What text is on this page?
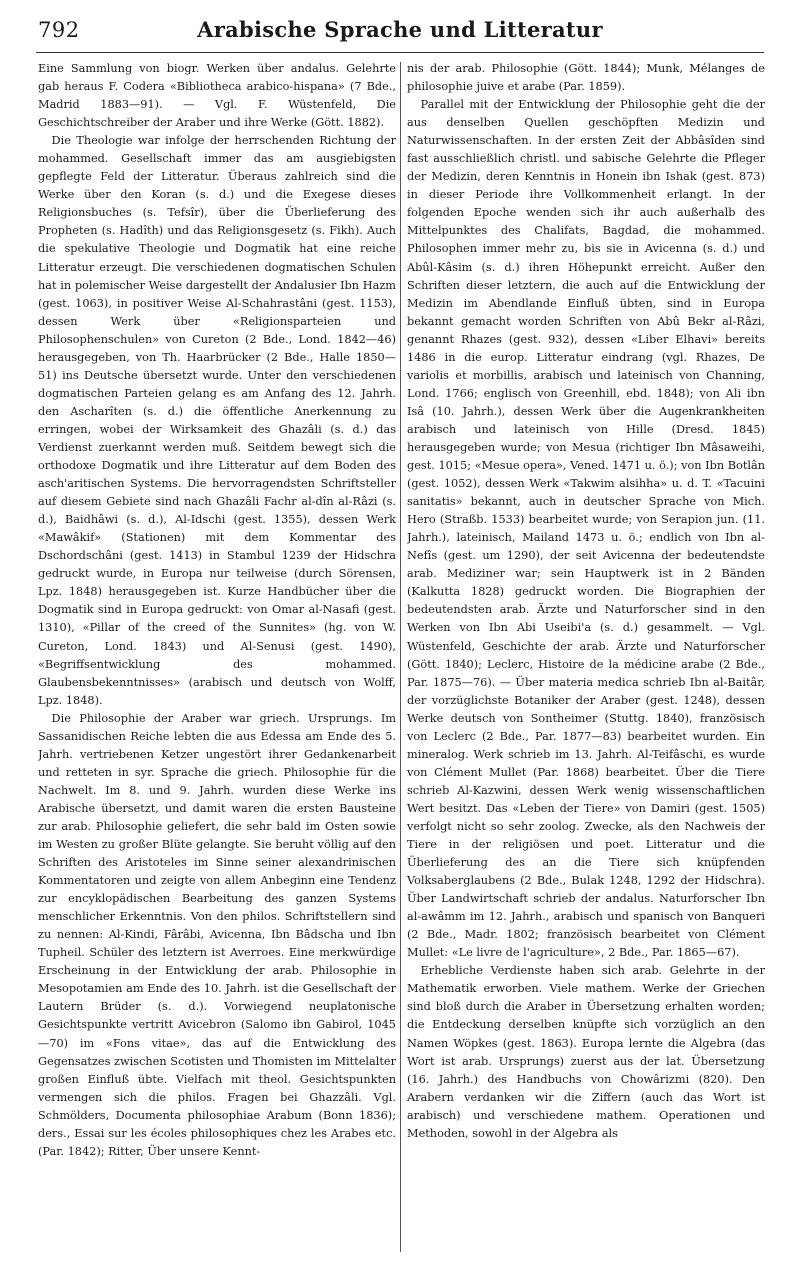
792	Arabische Sprache und Litteratur

Eine Sammlung von biogr. Werken über andalus. Gelehrte gab heraus F. Codera «Bibliotheca arabico-hispana» (7 Bde., Madrid 1883—91). — Vgl. F. Wüstenfeld, Die Geschichtschreiber der Araber und ihre Werke (Gött. 1882).

Die Theologie war infolge der herrschenden Richtung der mohammed. Gesellschaft immer das am ausgiebigsten gepflegte Feld der Litteratur. Überaus zahlreich sind die Werke über den Koran (s. d.) und die Exegese dieses Religionsbuches (s. Tefsîr), über die Überlieferung des Propheten (s. Hadîth) und das Religionsgesetz (s. Fikh). Auch die spekulative Theologie und Dogmatik hat eine reiche Litteratur erzeugt. Die verschiedenen dogmatischen Schulen hat in polemischer Weise dargestellt der Andalusier Ibn Hazm (gest. 1063), in positiver Weise Al-Schahrastâni (gest. 1153), dessen Werk über «Religionsparteien und Philosophenschulen» von Cureton (2 Bde., Lond. 1842—46) herausgegeben, von Th. Haarbrücker (2 Bde., Halle 1850—51) ins Deutsche übersetzt wurde. Unter den verschiedenen dogmatischen Parteien gelang es am Anfang des 12. Jahrh. den Ascharîten (s. d.) die öffentliche Anerkennung zu erringen, wobei der Wirksamkeit des Ghazâli (s. d.) das Verdienst zuerkannt werden muß. Seitdem bewegt sich die orthodoxe Dogmatik und ihre Litteratur auf dem Boden des asch'aritischen Systems. Die hervorragendsten Schriftsteller auf diesem Gebiete sind nach Ghazâli Fachr al-dîn al-Râzi (s. d.), Baidhâwi (s. d.), Al-Idschi (gest. 1355), dessen Werk «Mawâkif» (Stationen) mit dem Kommentar des Dschordschâni (gest. 1413) in Stambul 1239 der Hidschra gedruckt wurde, in Europa nur teilweise (durch Sörensen, Lpz. 1848) herausgegeben ist. Kurze Handbücher über die Dogmatik sind in Europa gedruckt: von Omar al-Nasafi (gest. 1310), «Pillar of the creed of the Sunnites» (hg. von W. Cureton, Lond. 1843) und Al-Senusi (gest. 1490), «Begriffsentwicklung des mohammed. Glaubensbekenntnisses» (arabisch und deutsch von Wolff, Lpz. 1848).

Die Philosophie der Araber war griech. Ursprungs. Im Sassanidischen Reiche lebten die aus Edessa am Ende des 5. Jahrh. vertriebenen Ketzer ungestört ihrer Gedankenarbeit und retteten in syr. Sprache die griech. Philosophie für die Nachwelt. Im 8. und 9. Jahrh. wurden diese Werke ins Arabische übersetzt, und damit waren die ersten Bausteine zur arab. Philosophie geliefert, die sehr bald im Osten sowie im Westen zu großer Blüte gelangte. Sie beruht völlig auf den Schriften des Aristoteles im Sinne seiner alexandrinischen Kommentatoren und zeigte von allem Anbeginn eine Tendenz zur encyklopädischen Bearbeitung des ganzen Systems menschlicher Erkenntnis. Von den philos. Schriftstellern sind zu nennen: Al-Kindi, Fârâbi, Avicenna, Ibn Bâdscha und Ibn Tupheil. Schüler des letztern ist Averroes. Eine merkwürdige Erscheinung in der Entwicklung der arab. Philosophie in Mesopotamien am Ende des 10. Jahrh. ist die Gesellschaft der Lautern Brüder (s. d.). Vorwiegend neuplatonische Gesichtspunkte vertritt Avicebron (Salomo ibn Gabirol, 1045—70) im «Fons vitae», das auf die Entwicklung des Gegensatzes zwischen Scotisten und Thomisten im Mittelalter großen Einfluß übte. Vielfach mit theol. Gesichtspunkten vermengen sich die philos. Fragen bei Ghazzâli. Vgl. Schmölders, Documenta philosophiae Arabum (Bonn 1836); ders., Essai sur les écoles philosophiques chez les Arabes etc. (Par. 1842); Ritter, Über unsere Kennt-

nis der arab. Philosophie (Gött. 1844); Munk, Mélanges de philosophie juive et arabe (Par. 1859).

Parallel mit der Entwicklung der Philosophie geht die der aus denselben Quellen geschöpften Medizin und Naturwissenschaften. In der ersten Zeit der Abbâsîden sind fast ausschließlich christl. und sabische Gelehrte die Pfleger der Medizin, deren Kenntnis in Honein ibn Ishak (gest. 873) in dieser Periode ihre Vollkommenheit erlangt. In der folgenden Epoche wenden sich ihr auch außerhalb des Mittelpunktes des Chalifats, Bagdad, die mohammed. Philosophen immer mehr zu, bis sie in Avicenna (s. d.) und Abûl-Kâsim (s. d.) ihren Höhepunkt erreicht. Außer den Schriften dieser letztern, die auch auf die Entwicklung der Medizin im Abendlande Einfluß übten, sind in Europa bekannt gemacht worden Schriften von Abû Bekr al-Râzi, genannt Rhazes (gest. 932), dessen «Liber Elhavi» bereits 1486 in die europ. Litteratur eindrang (vgl. Rhazes, De variolis et morbillis, arabisch und lateinisch von Channing, Lond. 1766; englisch von Greenhill, ebd. 1848); von Ali ibn Isâ (10. Jahrh.), dessen Werk über die Augenkrankheiten arabisch und lateinisch von Hille (Dresd. 1845) herausgegeben wurde; von Mesua (richtiger Ibn Mâsaweihi, gest. 1015; «Mesue opera», Vened. 1471 u. ö.); von Ibn Botlân (gest. 1052), dessen Werk «Takwim alsihha» u. d. T. «Tacuini sanitatis» bekannt, auch in deutscher Sprache von Mich. Hero (Straßb. 1533) bearbeitet wurde; von Serapion jun. (11. Jahrh.), lateinisch, Mailand 1473 u. ö.; endlich von Ibn al-Nefîs (gest. um 1290), der seit Avicenna der bedeutendste arab. Mediziner war; sein Hauptwerk ist in 2 Bänden (Kalkutta 1828) gedruckt worden. Die Biographien der bedeutendsten arab. Ärzte und Naturforscher sind in den Werken von Ibn Abi Useibi'a (s. d.) gesammelt. — Vgl. Wüstenfeld, Geschichte der arab. Ärzte und Naturforscher (Gött. 1840); Leclerc, Histoire de la médicine arabe (2 Bde., Par. 1875—76). — Über materia medica schrieb Ibn al-Baitâr, der vorzüglichste Botaniker der Araber (gest. 1248), dessen Werke deutsch von Sontheimer (Stuttg. 1840), französisch von Leclerc (2 Bde., Par. 1877—83) bearbeitet wurden. Ein mineralog. Werk schrieb im 13. Jahrh. Al-Teifâschi, es wurde von Clément Mullet (Par. 1868) bearbeitet. Über die Tiere schrieb Al-Kazwini, dessen Werk wenig wissenschaftlichen Wert besitzt. Das «Leben der Tiere» von Damiri (gest. 1505) verfolgt nicht so sehr zoolog. Zwecke, als den Nachweis der Tiere in der religiösen und poet. Litteratur und die Überlieferung des an die Tiere sich knüpfenden Volksaberglaubens (2 Bde., Bulak 1248, 1292 der Hidschra). Über Landwirtschaft schrieb der andalus. Naturforscher Ibn al-awâmm im 12. Jahrh., arabisch und spanisch von Banqueri (2 Bde., Madr. 1802; französisch bearbeitet von Clément Mullet: «Le livre de l'agriculture», 2 Bde., Par. 1865—67).

Erhebliche Verdienste haben sich arab. Gelehrte in der Mathematik erworben. Viele mathem. Werke der Griechen sind bloß durch die Araber in Übersetzung erhalten worden; die Entdeckung derselben knüpfte sich vorzüglich an den Namen Wöpkes (gest. 1863). Europa lernte die Algebra (das Wort ist arab. Ursprungs) zuerst aus der lat. Übersetzung (16. Jahrh.) des Handbuchs von Chowârizmi (820). Den Arabern verdanken wir die Ziffern (auch das Wort ist arabisch) und verschiedene mathem. Operationen und Methoden, sowohl in der Algebra als
